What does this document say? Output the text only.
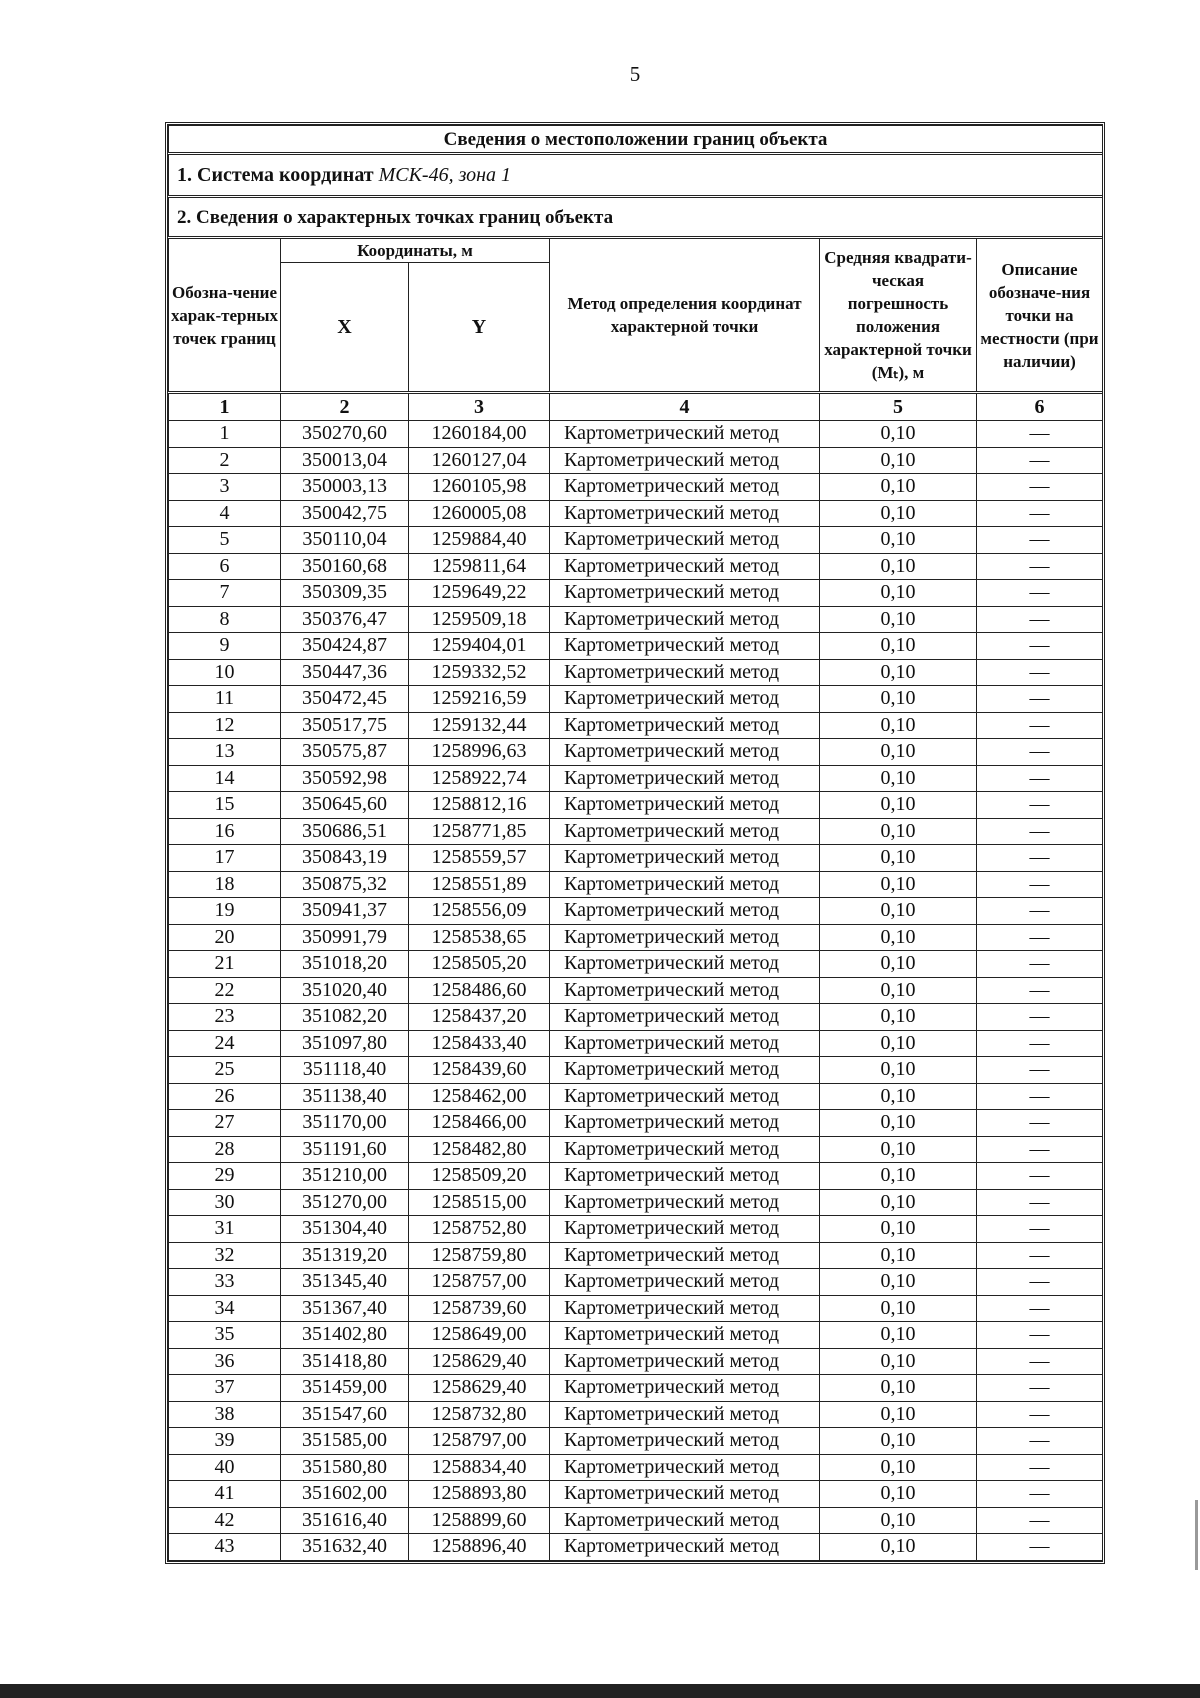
5
Сведения о местоположении границ объекта					
1. Система координат МСК-46, зона 1					
2. Сведения о характерных точках границ объекта					
Обозна-чение харак-терных точек границ	Координаты, м		Метод определения координат характерной точки	Средняя квадрати-ческая погрешность положения характерной точки (Mₜ), м	Описание обозначе-ния точки на местности (при наличии)
	X	Y			
1	2	3	4	5	6
1	350270,60	1260184,00	Картометрический метод	0,10	—
2	350013,04	1260127,04	Картометрический метод	0,10	—
3	350003,13	1260105,98	Картометрический метод	0,10	—
4	350042,75	1260005,08	Картометрический метод	0,10	—
5	350110,04	1259884,40	Картометрический метод	0,10	—
6	350160,68	1259811,64	Картометрический метод	0,10	—
7	350309,35	1259649,22	Картометрический метод	0,10	—
8	350376,47	1259509,18	Картометрический метод	0,10	—
9	350424,87	1259404,01	Картометрический метод	0,10	—
10	350447,36	1259332,52	Картометрический метод	0,10	—
11	350472,45	1259216,59	Картометрический метод	0,10	—
12	350517,75	1259132,44	Картометрический метод	0,10	—
13	350575,87	1258996,63	Картометрический метод	0,10	—
14	350592,98	1258922,74	Картометрический метод	0,10	—
15	350645,60	1258812,16	Картометрический метод	0,10	—
16	350686,51	1258771,85	Картометрический метод	0,10	—
17	350843,19	1258559,57	Картометрический метод	0,10	—
18	350875,32	1258551,89	Картометрический метод	0,10	—
19	350941,37	1258556,09	Картометрический метод	0,10	—
20	350991,79	1258538,65	Картометрический метод	0,10	—
21	351018,20	1258505,20	Картометрический метод	0,10	—
22	351020,40	1258486,60	Картометрический метод	0,10	—
23	351082,20	1258437,20	Картометрический метод	0,10	—
24	351097,80	1258433,40	Картометрический метод	0,10	—
25	351118,40	1258439,60	Картометрический метод	0,10	—
26	351138,40	1258462,00	Картометрический метод	0,10	—
27	351170,00	1258466,00	Картометрический метод	0,10	—
28	351191,60	1258482,80	Картометрический метод	0,10	—
29	351210,00	1258509,20	Картометрический метод	0,10	—
30	351270,00	1258515,00	Картометрический метод	0,10	—
31	351304,40	1258752,80	Картометрический метод	0,10	—
32	351319,20	1258759,80	Картометрический метод	0,10	—
33	351345,40	1258757,00	Картометрический метод	0,10	—
34	351367,40	1258739,60	Картометрический метод	0,10	—
35	351402,80	1258649,00	Картометрический метод	0,10	—
36	351418,80	1258629,40	Картометрический метод	0,10	—
37	351459,00	1258629,40	Картометрический метод	0,10	—
38	351547,60	1258732,80	Картометрический метод	0,10	—
39	351585,00	1258797,00	Картометрический метод	0,10	—
40	351580,80	1258834,40	Картометрический метод	0,10	—
41	351602,00	1258893,80	Картометрический метод	0,10	—
42	351616,40	1258899,60	Картометрический метод	0,10	—
43	351632,40	1258896,40	Картометрический метод	0,10	—
